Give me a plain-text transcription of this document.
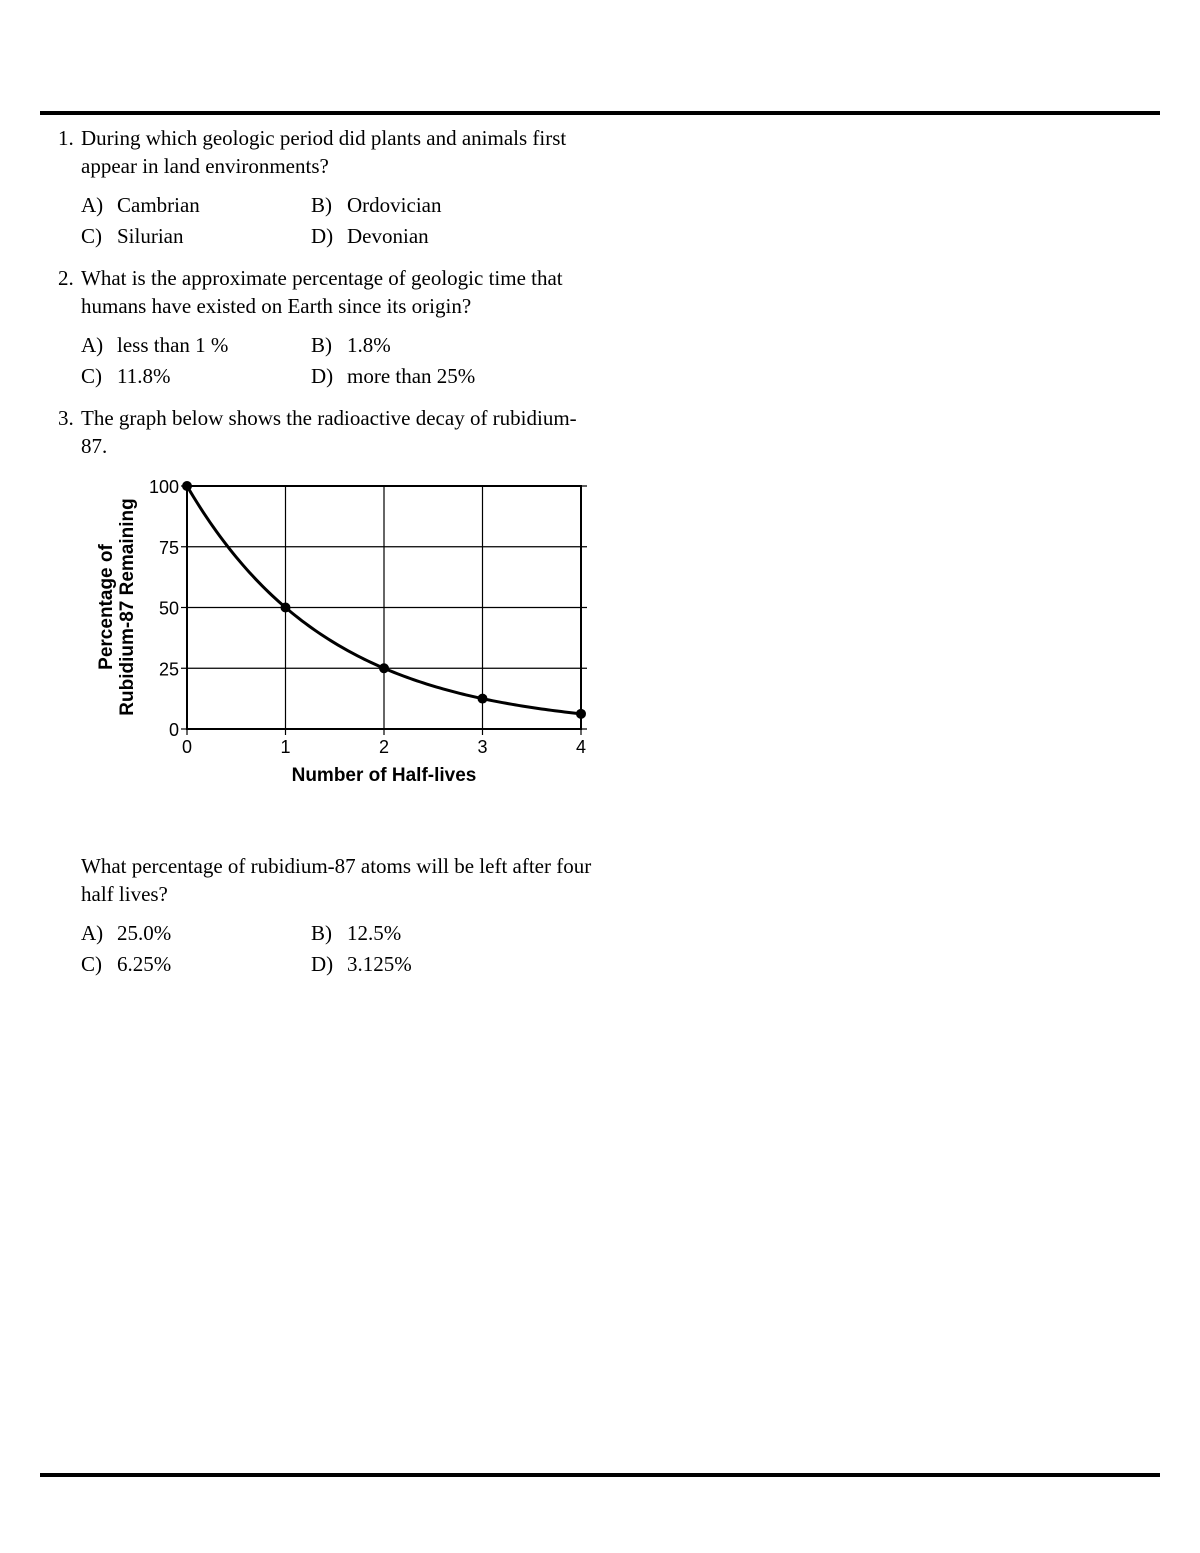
1. During which geologic period did plants and animals first appear in land environments?
A) Cambrian	B) Ordovician
C) Silurian	D) Devonian
2. What is the approximate percentage of geologic time that humans have existed on Earth since its origin?
A) less than 1 %	B) 1.8%
C) 11.8%	D) more than 25%
3. The graph below shows the radioactive decay of rubidium-87.
0	1	2	3	4
0
25
50
75
100
Number of Half-lives
Percentage of Rubidium-87 Remaining
What percentage of rubidium-87 atoms will be left after four half lives?
A) 25.0%	B) 12.5%
C) 6.25%	D) 3.125%
